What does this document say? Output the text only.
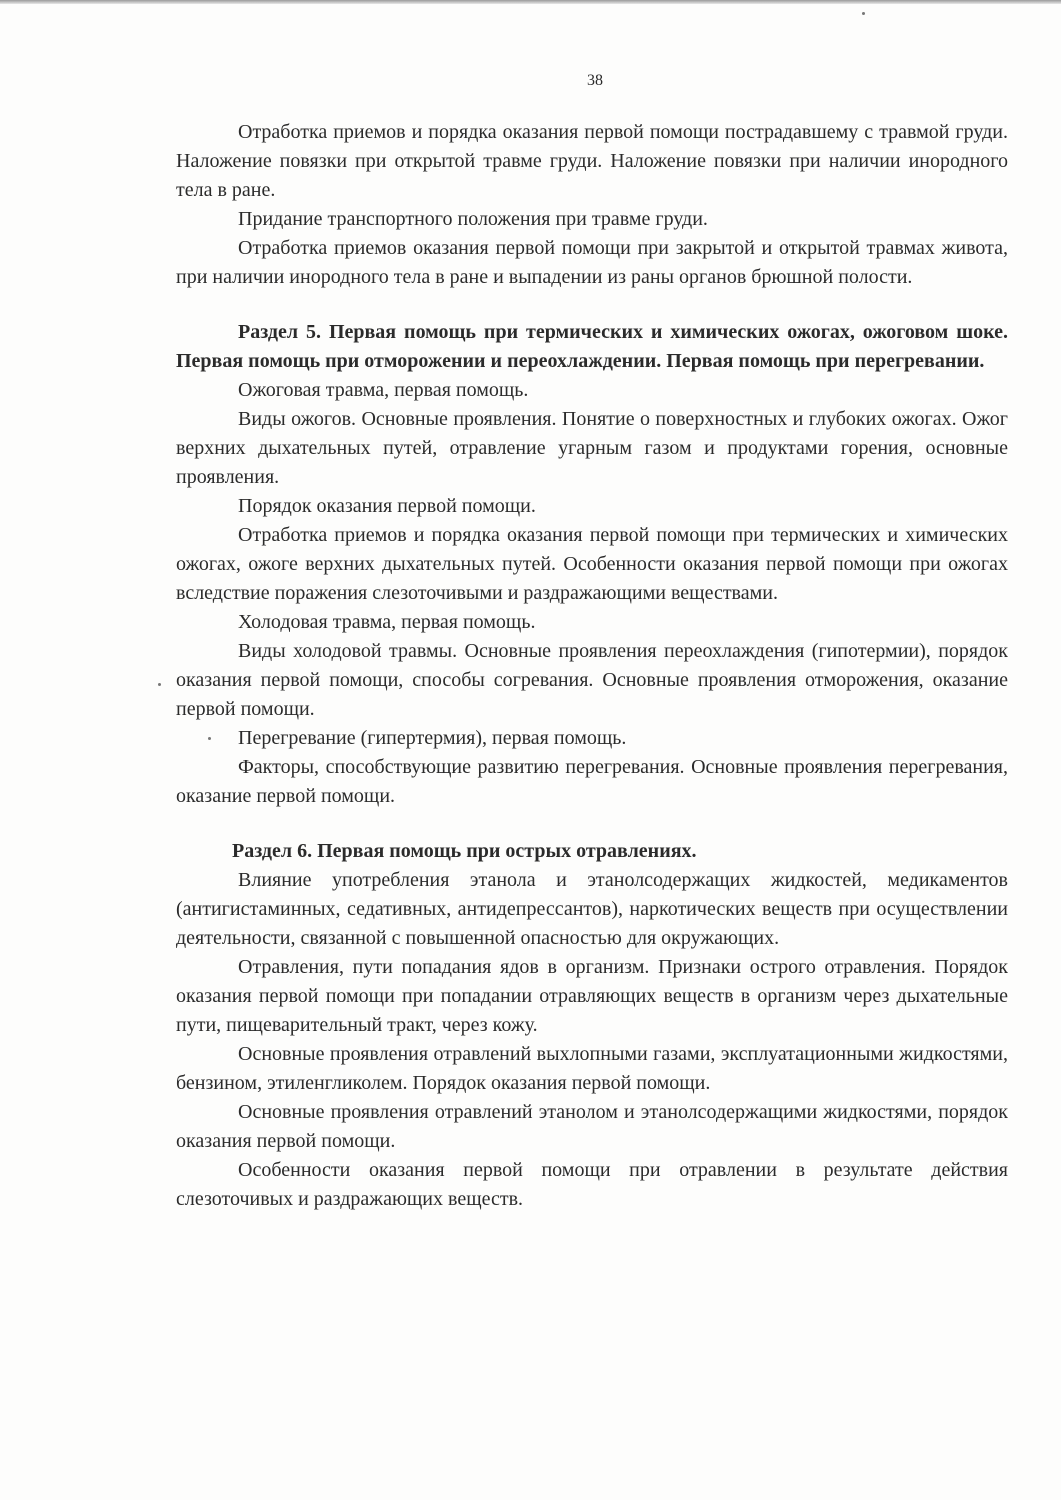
38

Отработка приемов и порядка оказания первой помощи пострадавшему с травмой груди. Наложение повязки при открытой травме груди. Наложение повязки при наличии инородного тела в ране.

Придание транспортного положения при травме груди.

Отработка приемов оказания первой помощи при закрытой и открытой травмах живота, при наличии инородного тела в ране и выпадении из раны органов брюшной полости.

Раздел 5. Первая помощь при термических и химических ожогах, ожоговом шоке. Первая помощь при отморожении и переохлаждении. Первая помощь при перегревании.

Ожоговая травма, первая помощь.

Виды ожогов. Основные проявления. Понятие о поверхностных и глубоких ожогах. Ожог верхних дыхательных путей, отравление угарным газом и продуктами горения, основные проявления.

Порядок оказания первой помощи.

Отработка приемов и порядка оказания первой помощи при термических и химических ожогах, ожоге верхних дыхательных путей. Особенности оказания первой помощи при ожогах вследствие поражения слезоточивыми и раздражающими веществами.

Холодовая травма, первая помощь.

Виды холодовой травмы. Основные проявления переохлаждения (гипотермии), порядок оказания первой помощи, способы согревания. Основные проявления отморожения, оказание первой помощи.

Перегревание (гипертермия), первая помощь.

Факторы, способствующие развитию перегревания. Основные проявления перегревания, оказание первой помощи.

Раздел 6. Первая помощь при острых отравлениях.

Влияние употребления этанола и этанолсодержащих жидкостей, медикаментов (антигистаминных, седативных, антидепрессантов), наркотических веществ при осуществлении деятельности, связанной с повышенной опасностью для окружающих.

Отравления, пути попадания ядов в организм. Признаки острого отравления. Порядок оказания первой помощи при попадании отравляющих веществ в организм через дыхательные пути, пищеварительный тракт, через кожу.

Основные проявления отравлений выхлопными газами, эксплуатационными жидкостями, бензином, этиленгликолем. Порядок оказания первой помощи.

Основные проявления отравлений этанолом и этанолсодержащими жидкостями, порядок оказания первой помощи.

Особенности оказания первой помощи при отравлении в результате действия слезоточивых и раздражающих веществ.
